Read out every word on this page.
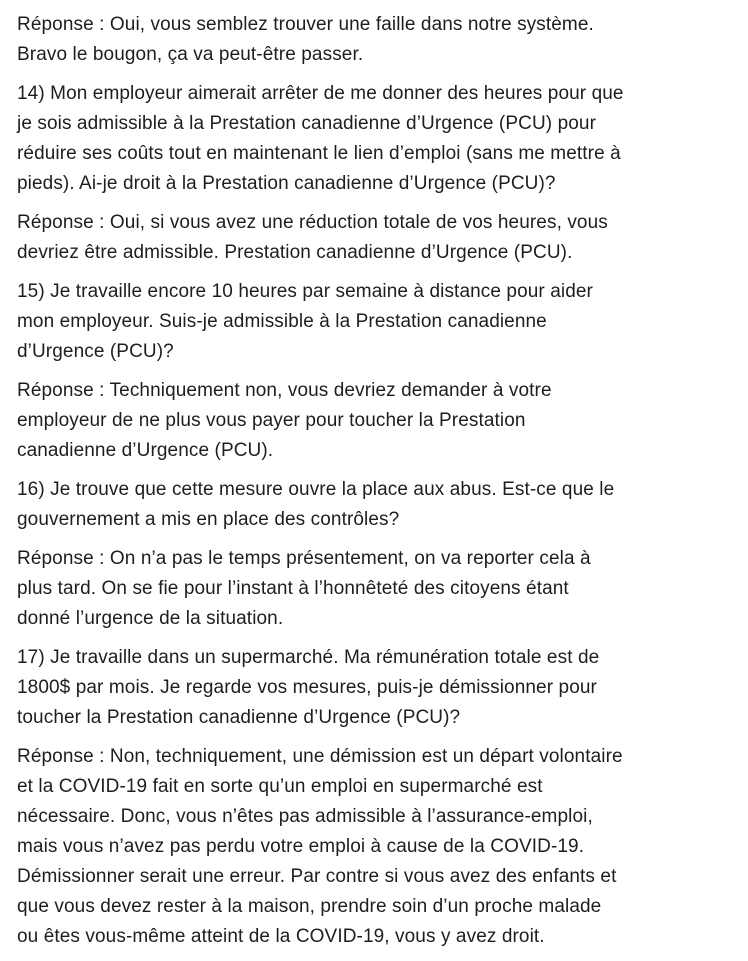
Réponse : Oui, vous semblez trouver une faille dans notre système.
Bravo le bougon, ça va peut-être passer.

14) Mon employeur aimerait arrêter de me donner des heures pour que
je sois admissible à la Prestation canadienne d’Urgence (PCU) pour
réduire ses coûts tout en maintenant le lien d’emploi (sans me mettre à
pieds). Ai-je droit à la Prestation canadienne d’Urgence (PCU)?

Réponse : Oui, si vous avez une réduction totale de vos heures, vous
devriez être admissible. Prestation canadienne d’Urgence (PCU).

15) Je travaille encore 10 heures par semaine à distance pour aider
mon employeur. Suis-je admissible à la Prestation canadienne
d’Urgence (PCU)?

Réponse : Techniquement non, vous devriez demander à votre
employeur de ne plus vous payer pour toucher la Prestation
canadienne d’Urgence (PCU).

16) Je trouve que cette mesure ouvre la place aux abus. Est-ce que le
gouvernement a mis en place des contrôles?

Réponse : On n’a pas le temps présentement, on va reporter cela à
plus tard. On se fie pour l’instant à l’honnêteté des citoyens étant
donné l’urgence de la situation.

17) Je travaille dans un supermarché. Ma rémunération totale est de
1800$ par mois. Je regarde vos mesures, puis-je démissionner pour
toucher la Prestation canadienne d’Urgence (PCU)?

Réponse : Non, techniquement, une démission est un départ volontaire
et la COVID-19 fait en sorte qu’un emploi en supermarché est
nécessaire. Donc, vous n’êtes pas admissible à l’assurance-emploi,
mais vous n’avez pas perdu votre emploi à cause de la COVID-19.
Démissionner serait une erreur. Par contre si vous avez des enfants et
que vous devez rester à la maison, prendre soin d’un proche malade
ou êtes vous-même atteint de la COVID-19, vous y avez droit.
